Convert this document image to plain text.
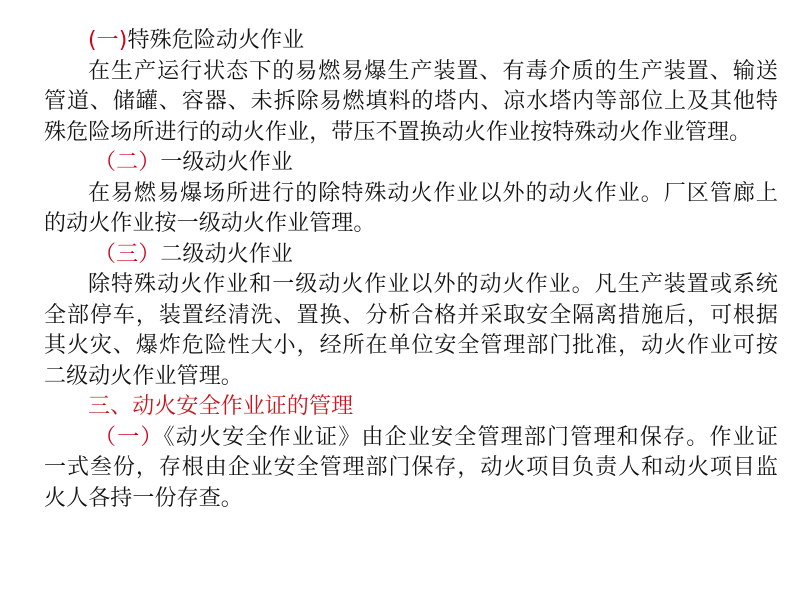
(一)特殊危险动火作业
在生产运行状态下的易燃易爆生产装置、有毒介质的生产装置、输送
管道、储罐、容器、未拆除易燃填料的塔内、凉水塔内等部位上及其他特
殊危险场所进行的动火作业，带压不置换动火作业按特殊动火作业管理。
（二）一级动火作业
在易燃易爆场所进行的除特殊动火作业以外的动火作业。厂区管廊上
的动火作业按一级动火作业管理。
（三）二级动火作业
除特殊动火作业和一级动火作业以外的动火作业。凡生产装置或系统
全部停车，装置经清洗、置换、分析合格并采取安全隔离措施后，可根据
其火灾、爆炸危险性大小，经所在单位安全管理部门批准，动火作业可按
二级动火作业管理。
三、动火安全作业证的管理
（一）《动火安全作业证》由企业安全管理部门管理和保存。作业证
一式叁份，存根由企业安全管理部门保存，动火项目负责人和动火项目监
火人各持一份存查。
